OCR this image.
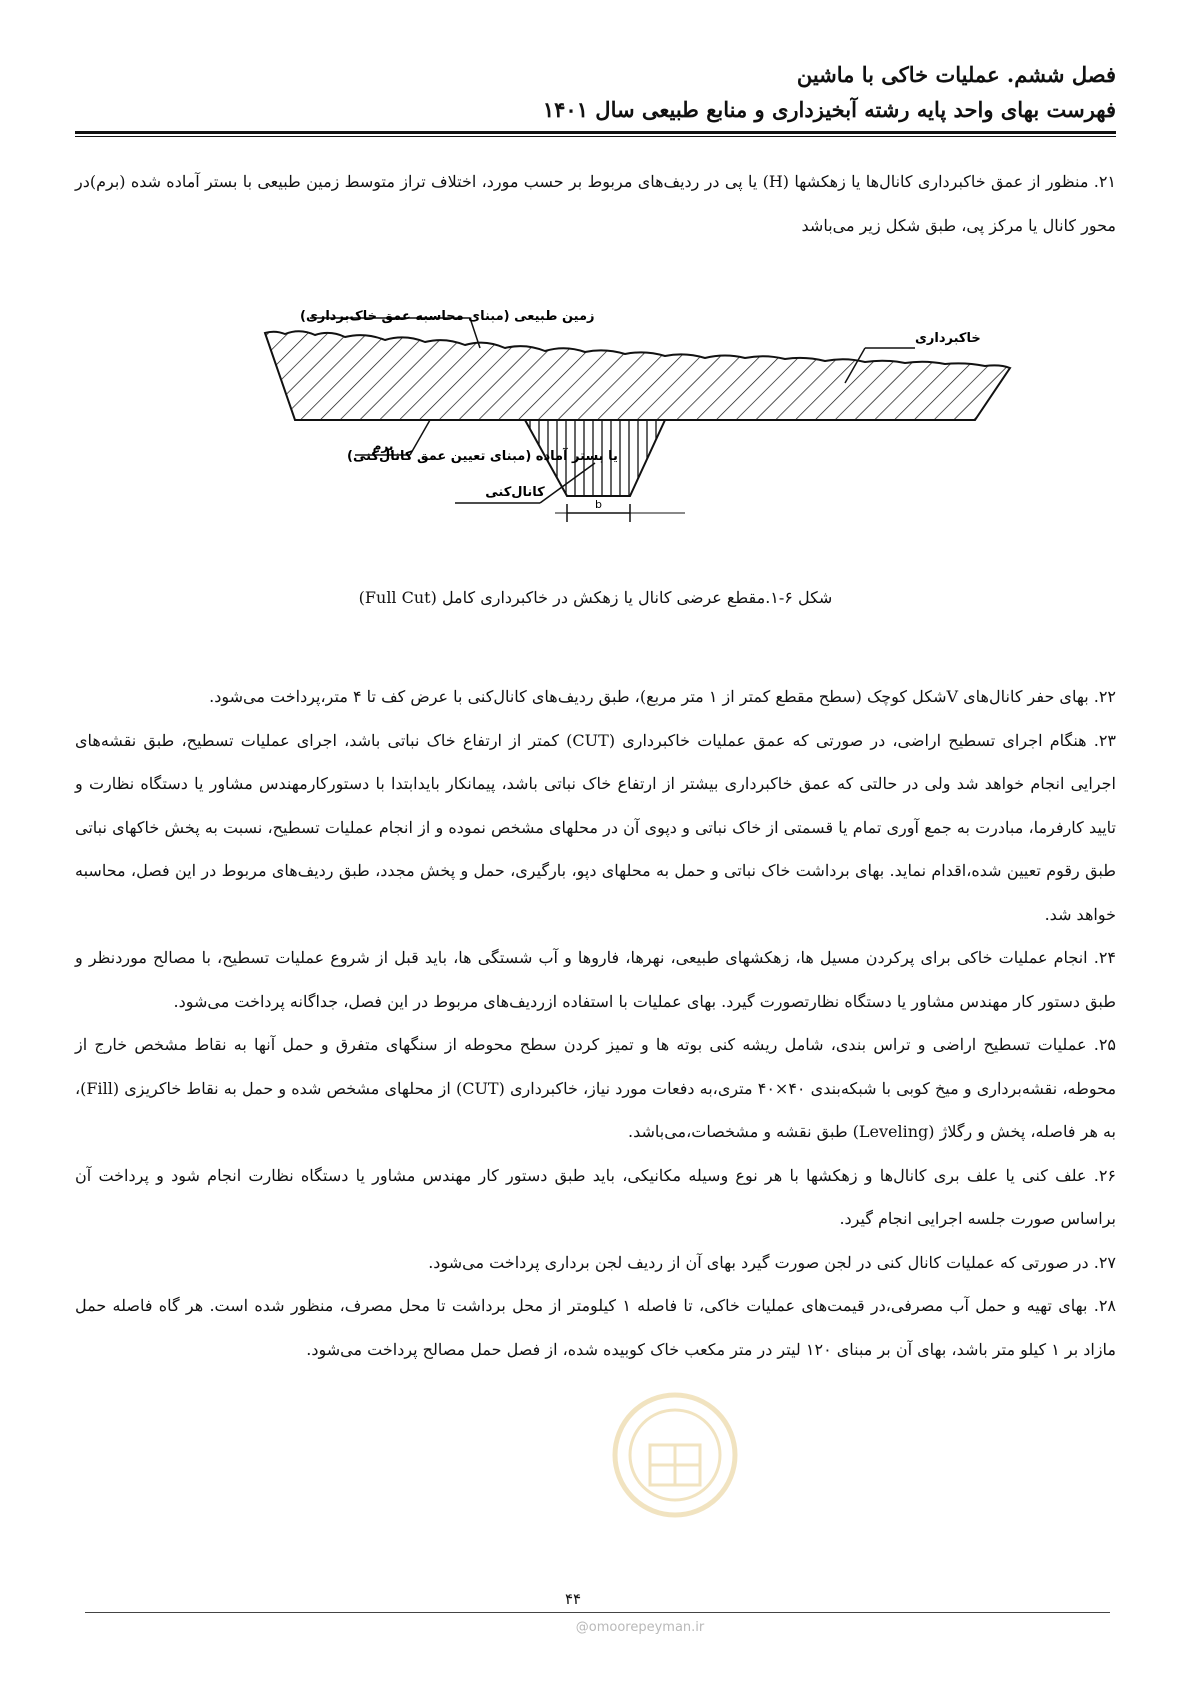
فصل ششم. عملیات خاکی با ماشین
فهرست بهای واحد پایه رشته آبخیزداری و منابع طبیعی سال ۱۴۰۱

۲۱. منظور از عمق خاکبرداری کانال‌ها یا زهکشها (H) یا پی در ردیف‌های مربوط بر حسب مورد، اختلاف تراز متوسط زمین طبیعی با بستر آماده شده (برم)در محور کانال یا مرکز پی، طبق شکل زیر می‌باشد

b
زمین طبیعی (مبنای محاسبه عمق خاک‌برداری)
خاکبرداری
برم
یا بستر آماده (مبنای تعیین عمق کانال‌کنی)
کانال‌کنی
شکل ۶-۱.مقطع عرضی کانال یا زهکش در خاکبرداری کامل (Full Cut)

۲۲. بهای حفر کانال‌های Vشکل کوچک (سطح مقطع کمتر از ۱ متر مربع)، طبق ردیف‌های کانال‌کنی با عرض کف تا ۴ متر،پرداخت می‌شود.

۲۳. هنگام اجرای تسطیح اراضی، در صورتی که عمق عملیات خاکبرداری (CUT) کمتر از ارتفاع خاک نباتی باشد، اجرای عملیات تسطیح، طبق نقشه‌های اجرایی انجام خواهد شد ولی در حالتی که عمق خاکبرداری بیشتر از ارتفاع خاک نباتی باشد، پیمانکار بایدابتدا با دستورکارمهندس مشاور یا دستگاه نظارت و تایید کارفرما، مبادرت به جمع آوری تمام یا قسمتی از خاک نباتی و دپوی آن در محلهای مشخص نموده و از انجام عملیات تسطیح، نسبت به پخش خاکهای نباتی طبق رقوم تعیین شده،اقدام نماید. بهای برداشت خاک نباتی و حمل به محلهای دپو، بارگیری، حمل و پخش مجدد، طبق ردیف‌های مربوط در این فصل، محاسبه خواهد شد.

۲۴. انجام عملیات خاکی برای پرکردن مسیل ها، زهکشهای طبیعی، نهرها، فاروها و آب شستگی ها، باید قبل از شروع عملیات تسطیح، با مصالح موردنظر و طبق دستور کار مهندس مشاور یا دستگاه نظارتصورت گیرد. بهای عملیات با استفاده ازردیف‌های مربوط در این فصل، جداگانه پرداخت می‌شود.

۲۵. عملیات تسطیح اراضی و تراس بندی، شامل ریشه کنی بوته ها و تمیز کردن سطح محوطه از سنگهای متفرق و حمل آنها به نقاط مشخص خارج از محوطه، نقشه‌برداری و میخ کوبی با شبکه‌بندی ۴۰×۴۰ متری،به دفعات مورد نیاز، خاکبرداری (CUT) از محلهای مشخص شده و حمل به نقاط خاکریزی (Fill)، به هر فاصله، پخش و رگلاژ (Leveling) طبق نقشه و مشخصات،می‌باشد.

۲۶. علف کنی یا علف بری کانال‌ها و زهکشها با هر نوع وسیله مکانیکی، باید طبق دستور کار مهندس مشاور یا دستگاه نظارت انجام شود و پرداخت آن براساس صورت جلسه اجرایی انجام گیرد.

۲۷. در صورتی که عملیات کانال کنی در لجن صورت گیرد بهای آن از ردیف لجن برداری پرداخت می‌شود.

۲۸. بهای تهیه و حمل آب مصرفی،در قیمت‌های عملیات خاکی، تا فاصله ۱ کیلومتر از محل برداشت تا محل مصرف، منظور شده است. هر گاه فاصله حمل مازاد بر ۱ کیلو متر باشد، بهای آن بر مبنای ۱۲۰ لیتر در متر مکعب خاک کوبیده شده، از فصل حمل مصالح پرداخت می‌شود.

۴۴
@omoorepeyman.ir
